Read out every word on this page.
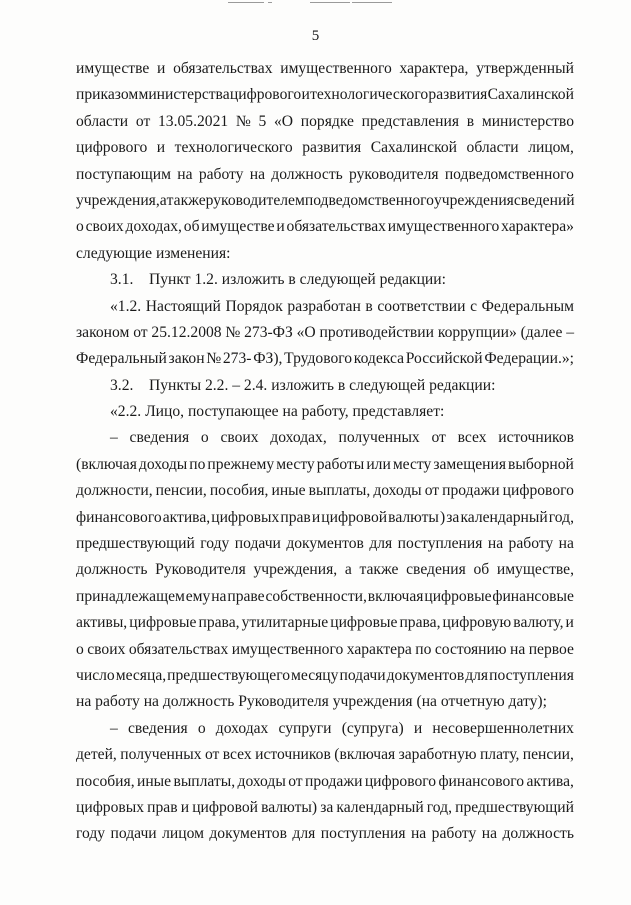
5
имуществе и обязательствах имущественного характера, утвержденный
приказом министерства цифрового и технологического развития Сахалинской
области от 13.05.2021 № 5 «О порядке представления в министерство
цифрового и технологического развития Сахалинской области лицом,
поступающим на работу на должность руководителя подведомственного
учреждения, а также руководителем подведомственного учреждения сведений
о своих доходах, об имуществе и обязательствах имущественного характера»
следующие изменения:
3.1.    Пункт 1.2. изложить в следующей редакции:
«1.2. Настоящий Порядок разработан в соответствии с Федеральным
законом от 25.12.2008 № 273-ФЗ «О противодействии коррупции» (далее –
Федеральный закон № 273- ФЗ), Трудового кодекса Российской Федерации.»;
3.2.    Пункты 2.2. – 2.4. изложить в следующей редакции:
«2.2. Лицо, поступающее на работу, представляет:
– сведения о своих доходах, полученных от всех источников
(включая доходы по прежнему месту работы или месту замещения выборной
должности, пенсии, пособия, иные выплаты, доходы от продажи цифрового
финансового актива, цифровых прав и цифровой валюты ) за календарный год,
предшествующий году подачи документов для поступления на работу на
должность Руководителя учреждения, а также сведения об имуществе,
принадлежащем ему на праве собственности, включая цифровые финансовые
активы, цифровые права, утилитарные цифровые права, цифровую валюту, и
о своих обязательствах имущественного характера по состоянию на первое
число месяца, предшествующего месяцу подачи документов для поступления
на работу на должность Руководителя учреждения (на отчетную дату);
– сведения о доходах супруги (супруга) и несовершеннолетних
детей, полученных от всех источников (включая заработную плату, пенсии,
пособия, иные выплаты, доходы от продажи цифрового финансового актива,
цифровых прав и цифровой валюты) за календарный год, предшествующий
году подачи лицом документов для поступления на работу на должность
